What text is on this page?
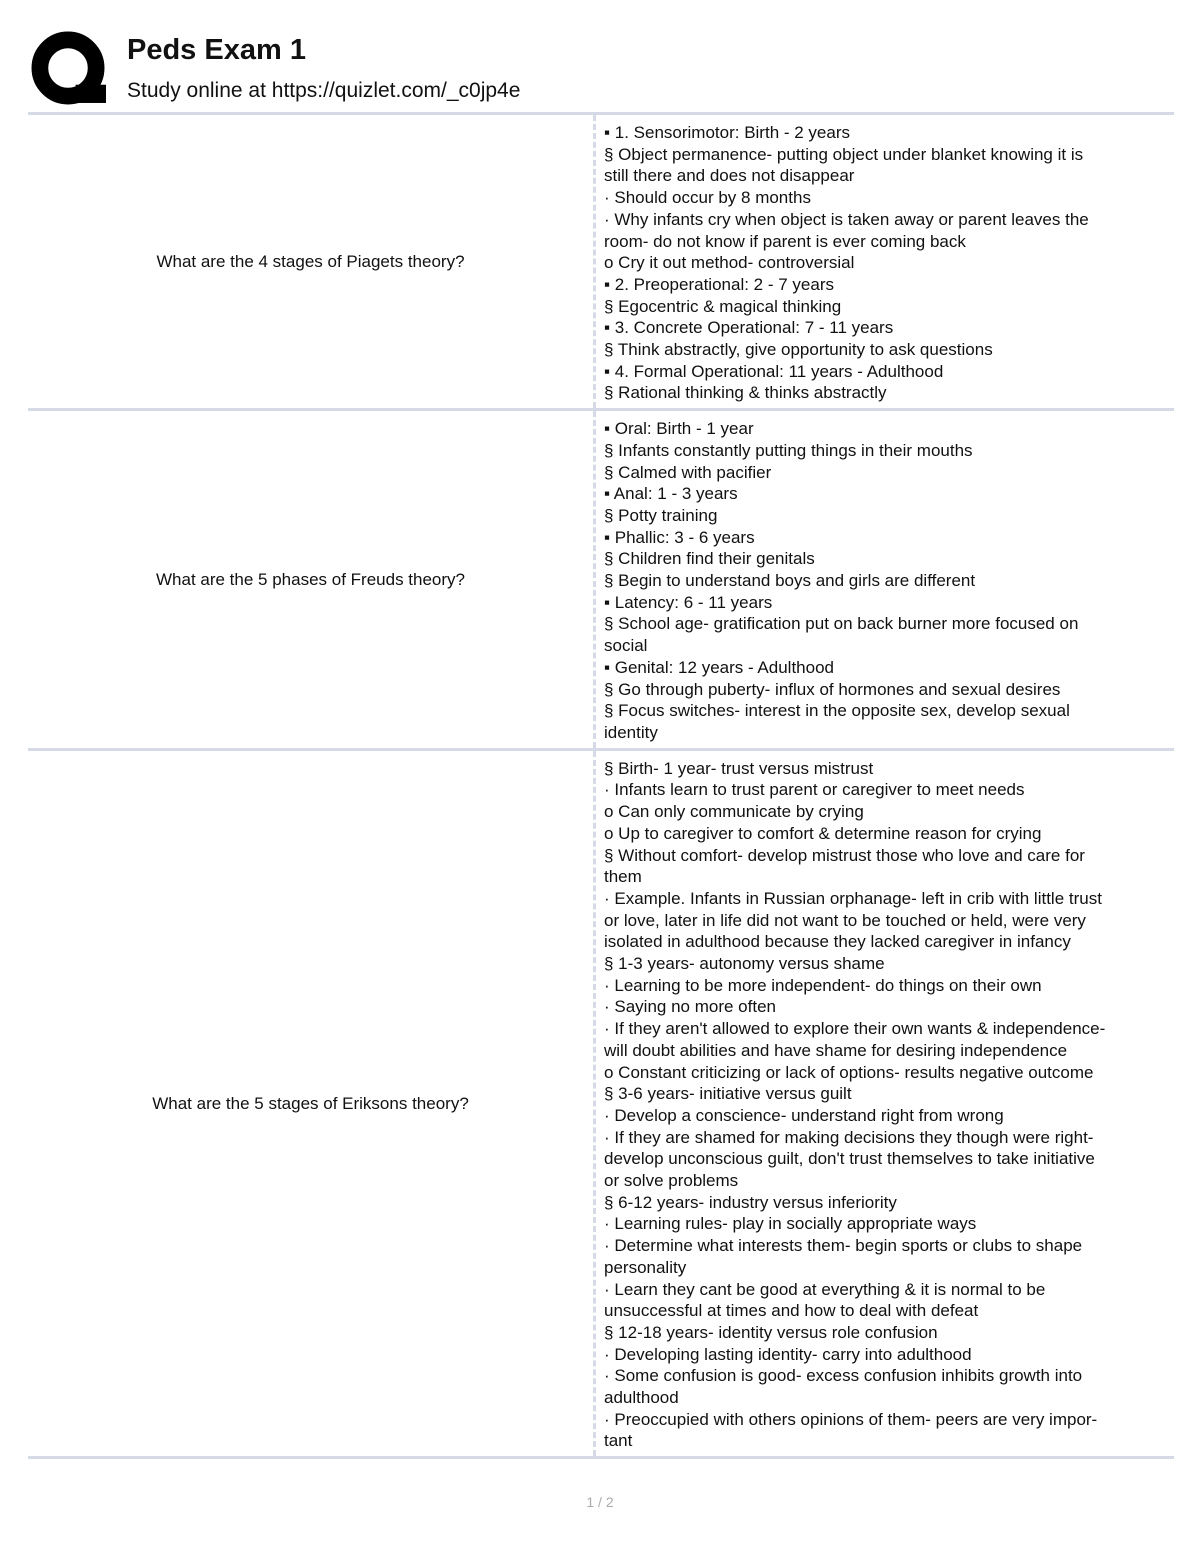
Peds Exam 1
Study online at https://quizlet.com/_c0jp4e
What are the 4 stages of Piagets theory?
▪ 1. Sensorimotor: Birth - 2 years
§ Object permanence- putting object under blanket knowing it is
still there and does not disappear
· Should occur by 8 months
· Why infants cry when object is taken away or parent leaves the
room- do not know if parent is ever coming back
o Cry it out method- controversial
▪ 2. Preoperational: 2 - 7 years
§ Egocentric & magical thinking
▪ 3. Concrete Operational: 7 - 11 years
§ Think abstractly, give opportunity to ask questions
▪ 4. Formal Operational: 11 years - Adulthood
§ Rational thinking & thinks abstractly
What are the 5 phases of Freuds theory?
▪ Oral: Birth - 1 year
§ Infants constantly putting things in their mouths
§ Calmed with pacifier
▪ Anal: 1 - 3 years
§ Potty training
▪ Phallic: 3 - 6 years
§ Children find their genitals
§ Begin to understand boys and girls are different
▪ Latency: 6 - 11 years
§ School age- gratification put on back burner more focused on
social
▪ Genital: 12 years - Adulthood
§ Go through puberty- influx of hormones and sexual desires
§ Focus switches- interest in the opposite sex, develop sexual
identity
What are the 5 stages of Eriksons theory?
§ Birth- 1 year- trust versus mistrust
· Infants learn to trust parent or caregiver to meet needs
o Can only communicate by crying
o Up to caregiver to comfort & determine reason for crying
§ Without comfort- develop mistrust those who love and care for
them
· Example. Infants in Russian orphanage- left in crib with little trust
or love, later in life did not want to be touched or held, were very
isolated in adulthood because they lacked caregiver in infancy
§ 1-3 years- autonomy versus shame
· Learning to be more independent- do things on their own
· Saying no more often
· If they aren't allowed to explore their own wants & independence-
will doubt abilities and have shame for desiring independence
o Constant criticizing or lack of options- results negative outcome
§ 3-6 years- initiative versus guilt
· Develop a conscience- understand right from wrong
· If they are shamed for making decisions they though were right-
develop unconscious guilt, don't trust themselves to take initiative
or solve problems
§ 6-12 years- industry versus inferiority
· Learning rules- play in socially appropriate ways
· Determine what interests them- begin sports or clubs to shape
personality
· Learn they cant be good at everything & it is normal to be
unsuccessful at times and how to deal with defeat
§ 12-18 years- identity versus role confusion
· Developing lasting identity- carry into adulthood
· Some confusion is good- excess confusion inhibits growth into
adulthood
· Preoccupied with others opinions of them- peers are very impor-
tant
1 / 2
